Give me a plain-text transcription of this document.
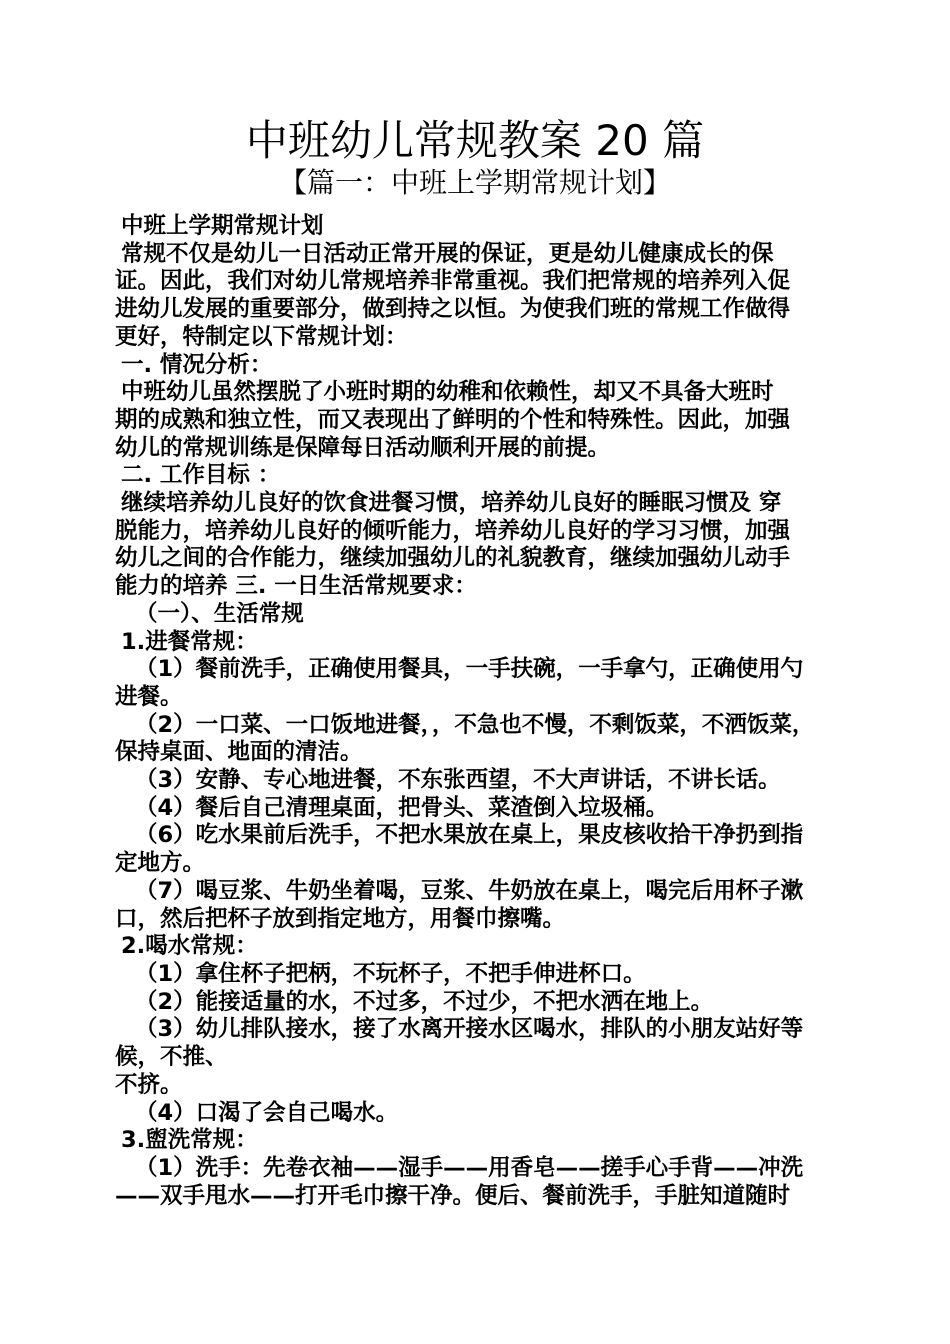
中班幼儿常规教案 20 篇
【篇一：中班上学期常规计划】
中班上学期常规计划
常规不仅是幼儿一日活动正常开展的保证，更是幼儿健康成长的保
证。因此，我们对幼儿常规培养非常重视。我们把常规的培养列入促
进幼儿发展的重要部分，做到持之以恒。为使我们班的常规工作做得
更好，特制定以下常规计划：
一. 情况分析：
中班幼儿虽然摆脱了小班时期的幼稚和依赖性，却又不具备大班时
期的成熟和独立性，而又表现出了鲜明的个性和特殊性。因此，加强
幼儿的常规训练是保障每日活动顺利开展的前提。
二. 工作目标 ：
继续培养幼儿良好的饮食进餐习惯，培养幼儿良好的睡眠习惯及 穿
脱能力，培养幼儿良好的倾听能力，培养幼儿良好的学习习惯，加强
幼儿之间的合作能力，继续加强幼儿的礼貌教育，继续加强幼儿动手
能力的培养 三. 一日生活常规要求：
（一）、生活常规
1.进餐常规：
（1）餐前洗手，正确使用餐具，一手扶碗，一手拿勺，正确使用勺
进餐。
（2）一口菜、一口饭地进餐，，不急也不慢，不剩饭菜，不洒饭菜，
保持桌面、地面的清洁。
（3）安静、专心地进餐，不东张西望，不大声讲话，不讲长话。
（4）餐后自己清理桌面，把骨头、菜渣倒入垃圾桶。
（6）吃水果前后洗手，不把水果放在桌上，果皮核收拾干净扔到指
定地方。
（7）喝豆浆、牛奶坐着喝，豆浆、牛奶放在桌上，喝完后用杯子漱
口，然后把杯子放到指定地方，用餐巾擦嘴。
2.喝水常规：
（1）拿住杯子把柄，不玩杯子，不把手伸进杯口。
（2）能接适量的水，不过多，不过少，不把水洒在地上。
（3）幼儿排队接水，接了水离开接水区喝水，排队的小朋友站好等
候，不推、
不挤。
（4）口渴了会自己喝水。
3.盥洗常规：
（1）洗手：先卷衣袖——湿手——用香皂——搓手心手背——冲洗
——双手甩水——打开毛巾擦干净。便后、餐前洗手，手脏知道随时
